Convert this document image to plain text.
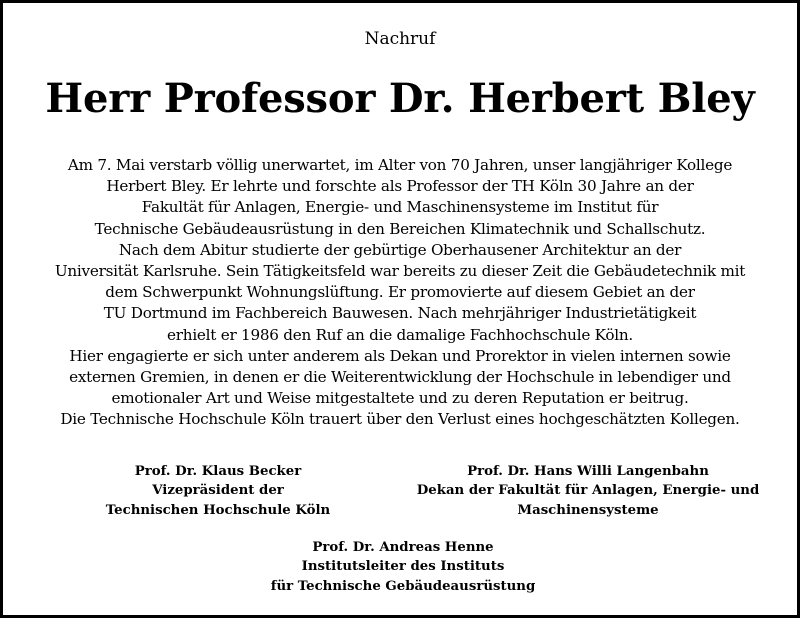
Nachruf
Herr Professor Dr. Herbert Bley
Am 7. Mai verstarb völlig unerwartet, im Alter von 70 Jahren, unser langjähriger Kollege
Herbert Bley. Er lehrte und forschte als Professor der TH Köln 30 Jahre an der
Fakultät für Anlagen, Energie- und Maschinensysteme im Institut für
Technische Gebäudeausrüstung in den Bereichen Klimatechnik und Schallschutz.
Nach dem Abitur studierte der gebürtige Oberhausener Architektur an der
Universität Karlsruhe. Sein Tätigkeitsfeld war bereits zu dieser Zeit die Gebäudetechnik mit
dem Schwerpunkt Wohnungslüftung. Er promovierte auf diesem Gebiet an der
TU Dortmund im Fachbereich Bauwesen. Nach mehrjähriger Industrietätigkeit
erhielt er 1986 den Ruf an die damalige Fachhochschule Köln.
Hier engagierte er sich unter anderem als Dekan und Prorektor in vielen internen sowie
externen Gremien, in denen er die Weiterentwicklung der Hochschule in lebendiger und
emotionaler Art und Weise mitgestaltete und zu deren Reputation er beitrug.
Die Technische Hochschule Köln trauert über den Verlust eines hochgeschätzten Kollegen.
Prof. Dr. Klaus Becker
Vizepräsident der
Technischen Hochschule Köln
Prof. Dr. Hans Willi Langenbahn
Dekan der Fakultät für Anlagen, Energie- und
Maschinensysteme
Prof. Dr. Andreas Henne
Institutsleiter des Instituts
für Technische Gebäudeausrüstung
